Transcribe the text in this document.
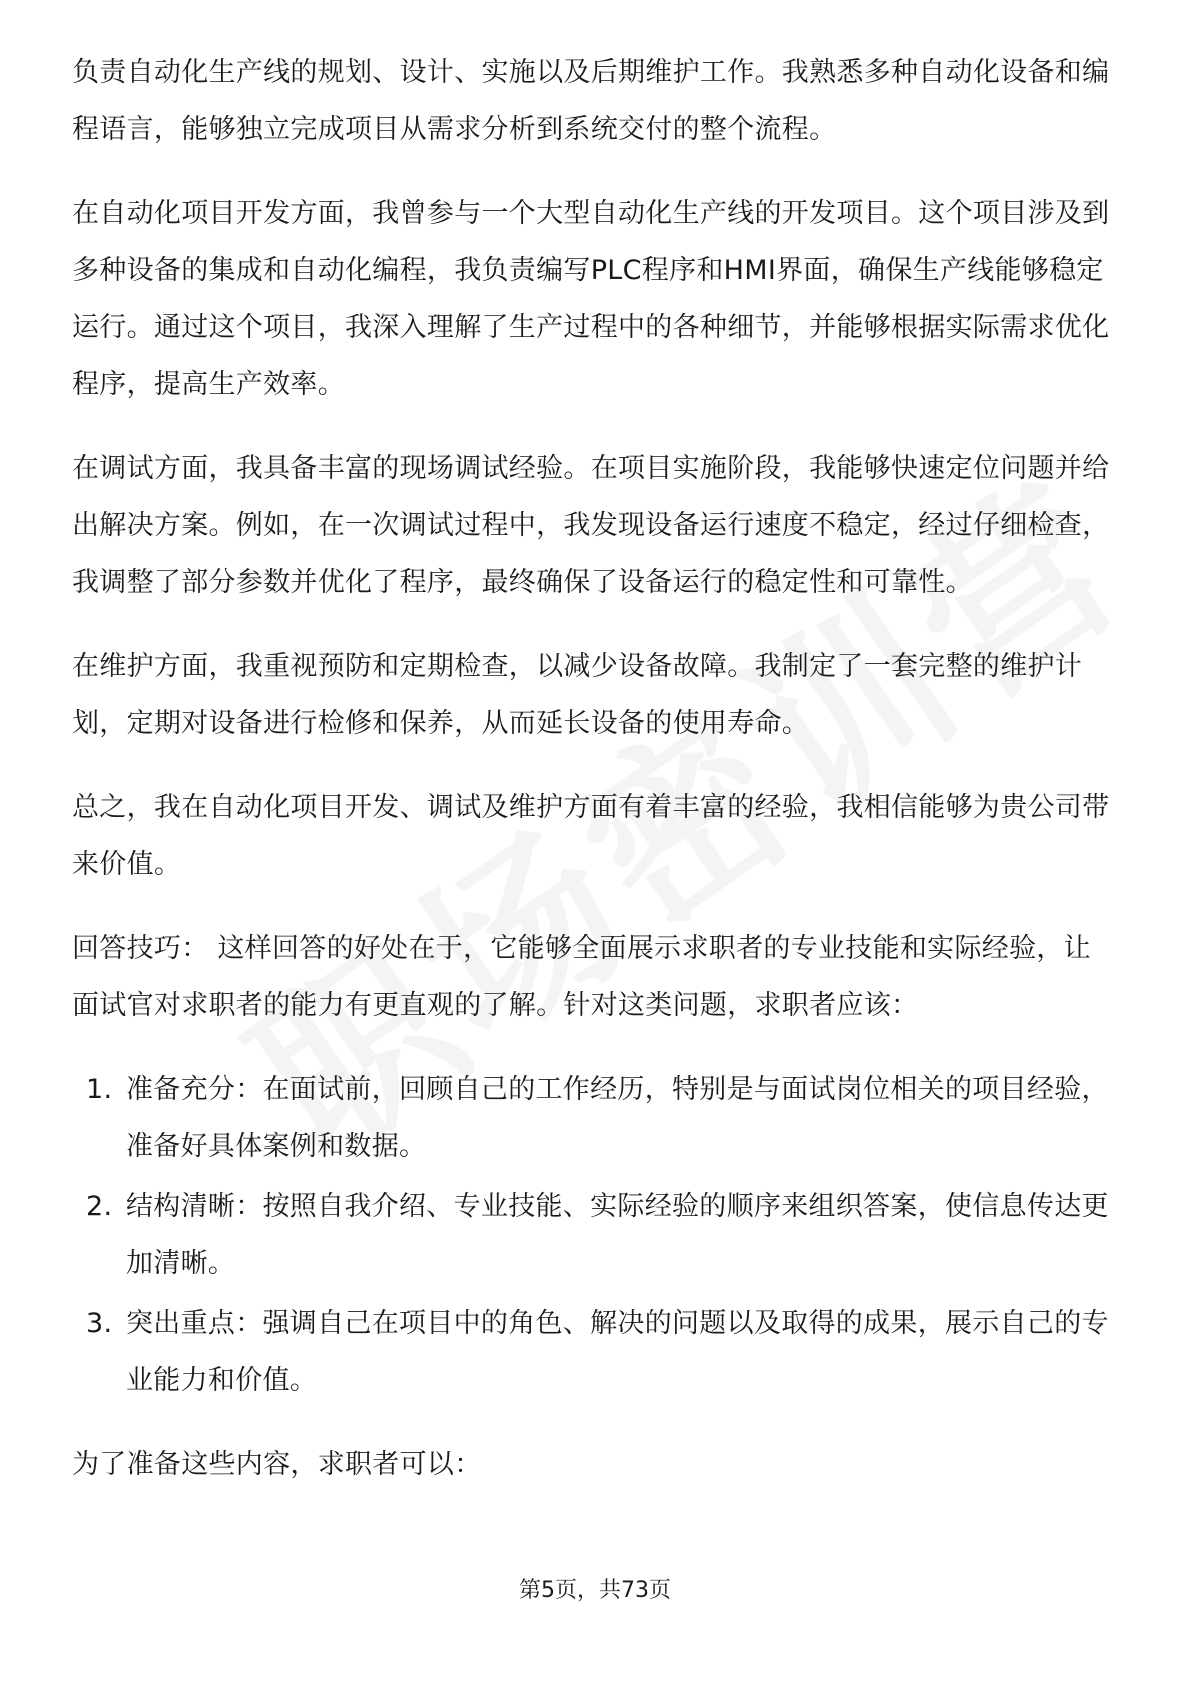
负责自动化生产线的规划、设计、实施以及后期维护工作。我熟悉多种自动化设备和编程语言，能够独立完成项目从需求分析到系统交付的整个流程。

在自动化项目开发方面，我曾参与一个大型自动化生产线的开发项目。这个项目涉及到多种设备的集成和自动化编程，我负责编写PLC程序和HMI界面，确保生产线能够稳定运行。通过这个项目，我深入理解了生产过程中的各种细节，并能够根据实际需求优化程序，提高生产效率。

在调试方面，我具备丰富的现场调试经验。在项目实施阶段，我能够快速定位问题并给出解决方案。例如，在一次调试过程中，我发现设备运行速度不稳定，经过仔细检查，我调整了部分参数并优化了程序，最终确保了设备运行的稳定性和可靠性。

在维护方面，我重视预防和定期检查，以减少设备故障。我制定了一套完整的维护计划，定期对设备进行检修和保养，从而延长设备的使用寿命。

总之，我在自动化项目开发、调试及维护方面有着丰富的经验，我相信能够为贵公司带来价值。

回答技巧： 这样回答的好处在于，它能够全面展示求职者的专业技能和实际经验，让面试官对求职者的能力有更直观的了解。针对这类问题，求职者应该：

1. 准备充分：在面试前，回顾自己的工作经历，特别是与面试岗位相关的项目经验，准备好具体案例和数据。
2. 结构清晰：按照自我介绍、专业技能、实际经验的顺序来组织答案，使信息传达更加清晰。
3. 突出重点：强调自己在项目中的角色、解决的问题以及取得的成果，展示自己的专业能力和价值。

为了准备这些内容，求职者可以：

第5页，共73页
